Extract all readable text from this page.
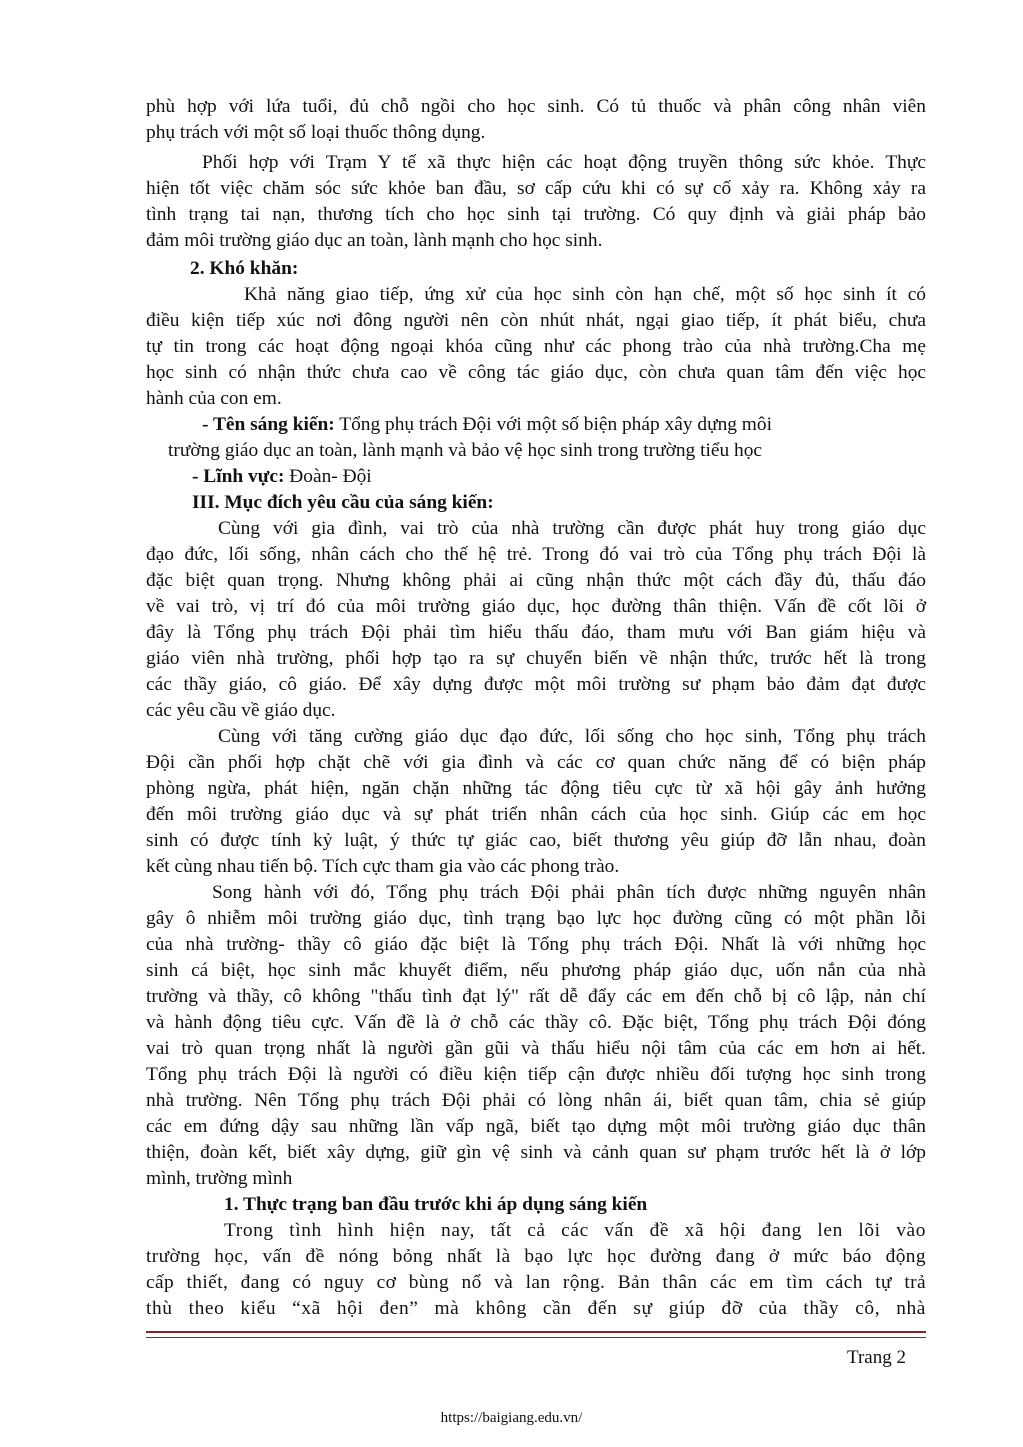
phù hợp với lứa tuổi, đủ chỗ ngồi cho học sinh. Có tủ thuốc và phân công nhân viên
phụ trách với một số loại thuốc thông dụng.
Phối hợp với Trạm Y tế xã thực hiện các hoạt động truyền thông sức khỏe. Thực
hiện tốt việc chăm sóc sức khỏe ban đầu, sơ cấp cứu khi có sự cố xảy ra. Không xảy ra
tình trạng tai nạn, thương tích cho học sinh tại trường. Có quy định và giải pháp bảo
đảm môi trường giáo dục an toàn, lành mạnh cho học sinh.
2. Khó khăn:
Khả năng giao tiếp, ứng xử của học sinh còn hạn chế, một số học sinh ít có
điều kiện tiếp xúc nơi đông người nên còn nhút nhát, ngại giao tiếp, ít phát biểu, chưa
tự tin trong các hoạt động ngoại khóa cũng như các phong trào của nhà trường.Cha mẹ
học sinh có nhận thức chưa cao về công tác giáo dục, còn chưa quan tâm đến việc học
hành của con em.
- Tên sáng kiến: Tổng phụ trách Đội với một số biện pháp xây dựng môi
trường giáo dục an toàn, lành mạnh và bảo vệ học sinh trong trường tiểu học
- Lĩnh vực: Đoàn- Đội
III. Mục đích yêu cầu của sáng kiến:
Cùng với gia đình, vai trò của nhà trường cần được phát huy trong giáo dục
đạo đức, lối sống, nhân cách cho thế hệ trẻ. Trong đó vai trò của Tổng phụ trách Đội là
đặc biệt quan trọng. Nhưng không phải ai cũng nhận thức một cách đầy đủ, thấu đáo
về vai trò, vị trí đó của môi trường giáo dục, học đường thân thiện. Vấn đề cốt lõi ở
đây là Tổng phụ trách Đội phải tìm hiểu thấu đáo, tham mưu với Ban giám hiệu và
giáo viên nhà trường, phối hợp tạo ra sự chuyển biến về nhận thức, trước hết là trong
các thầy giáo, cô giáo. Để xây dựng được một môi trường sư phạm bảo đảm đạt được
các yêu cầu về giáo dục.
Cùng với tăng cường giáo dục đạo đức, lối sống cho học sinh, Tổng phụ trách
Đội cần phối hợp chặt chẽ với gia đình và các cơ quan chức năng để có biện pháp
phòng ngừa, phát hiện, ngăn chặn những tác động tiêu cực từ xã hội gây ảnh hưởng
đến môi trường giáo dục và sự phát triển nhân cách của học sinh. Giúp các em học
sinh có được tính kỷ luật, ý thức tự giác cao, biết thương yêu giúp đỡ lẫn nhau, đoàn
kết cùng nhau tiến bộ. Tích cực tham gia vào các phong trào.
Song hành với đó, Tổng phụ trách Đội phải phân tích được những nguyên nhân
gây ô nhiễm môi trường giáo dục, tình trạng bạo lực học đường cũng có một phần lỗi
của nhà trường- thầy cô giáo đặc biệt là Tổng phụ trách Đội. Nhất là với những học
sinh cá biệt, học sinh mắc khuyết điểm, nếu phương pháp giáo dục, uốn nắn của nhà
trường và thầy, cô không "thấu tình đạt lý" rất dễ đẩy các em đến chỗ bị cô lập, nản chí
và hành động tiêu cực. Vấn đề là ở chỗ các thầy cô. Đặc biệt, Tổng phụ trách Đội đóng
vai trò quan trọng nhất là người gần gũi và thấu hiểu nội tâm của các em hơn ai hết.
Tổng phụ trách Đội là người có điều kiện tiếp cận được nhiều đối tượng học sinh trong
nhà trường. Nên Tổng phụ trách Đội phải có lòng nhân ái, biết quan tâm, chia sẻ giúp
các em đứng dậy sau những lần vấp ngã, biết tạo dựng một môi trường giáo dục thân
thiện, đoàn kết, biết xây dựng, giữ gìn vệ sinh và cảnh quan sư phạm trước hết là ở lớp
mình, trường mình
1. Thực trạng ban đầu trước khi áp dụng sáng kiến
Trong tình hình hiện nay, tất cả các vấn đề xã hội đang len lõi vào
trường học, vấn đề nóng bỏng nhất là bạo lực học đường đang ở mức báo động
cấp thiết, đang có nguy cơ bùng nổ và lan rộng. Bản thân các em tìm cách tự trả
thù theo kiểu “xã hội đen” mà không cần đến sự giúp đỡ của thầy cô, nhà
Trang 2
https://baigiang.edu.vn/
